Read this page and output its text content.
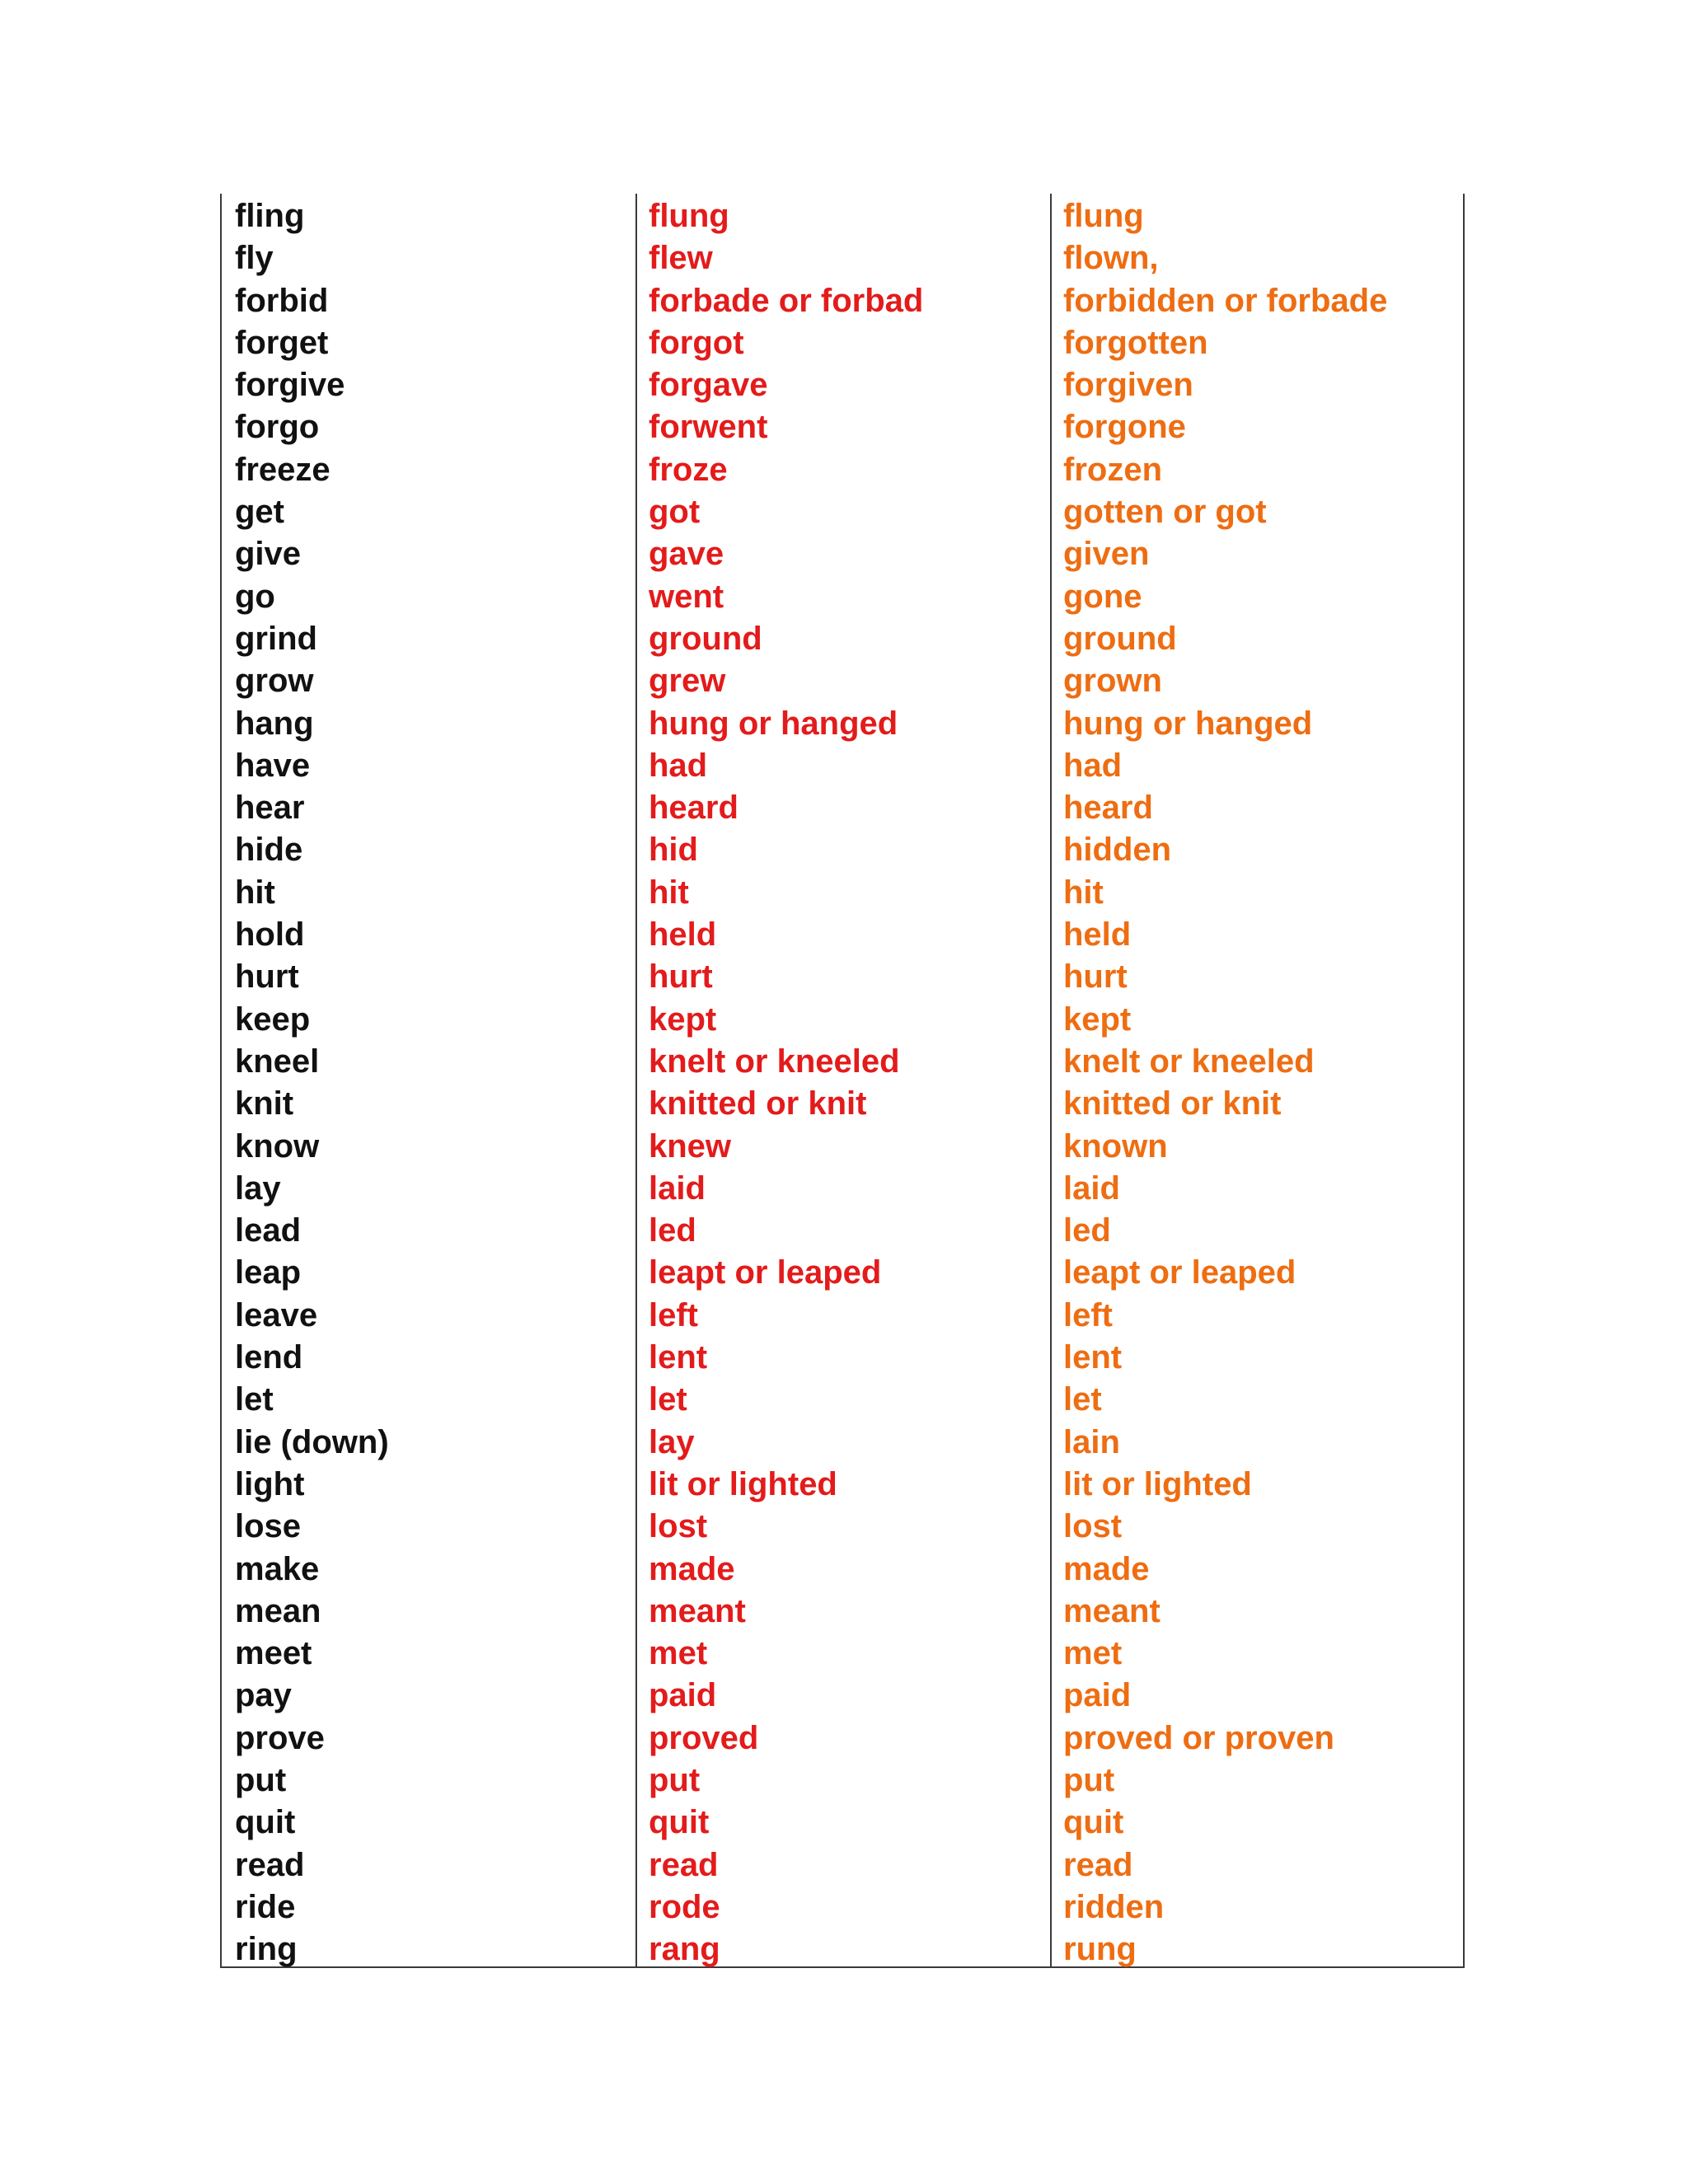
fling
fly
forbid
forget
forgive
forgo
freeze
get
give
go
grind
grow
hang
have
hear
hide
hit
hold
hurt
keep
kneel
knit
know
lay
lead
leap
leave
lend
let
lie (down)
light
lose
make
mean
meet
pay
prove
put
quit
read
ride
ring
flung
flew
forbade or forbad
forgot
forgave
forwent
froze
got
gave
went
ground
grew
hung or hanged
had
heard
hid
hit
held
hurt
kept
knelt or kneeled
knitted or knit
knew
laid
led
leapt or leaped
left
lent
let
lay
lit or lighted
lost
made
meant
met
paid
proved
put
quit
read
rode
rang
flung
flown,
forbidden or forbade
forgotten
forgiven
forgone
frozen
gotten or got
given
gone
ground
grown
hung or hanged
had
heard
hidden
hit
held
hurt
kept
knelt or kneeled
knitted or knit
known
laid
led
leapt or leaped
left
lent
let
lain
lit or lighted
lost
made
meant
met
paid
proved or proven
put
quit
read
ridden
rung
